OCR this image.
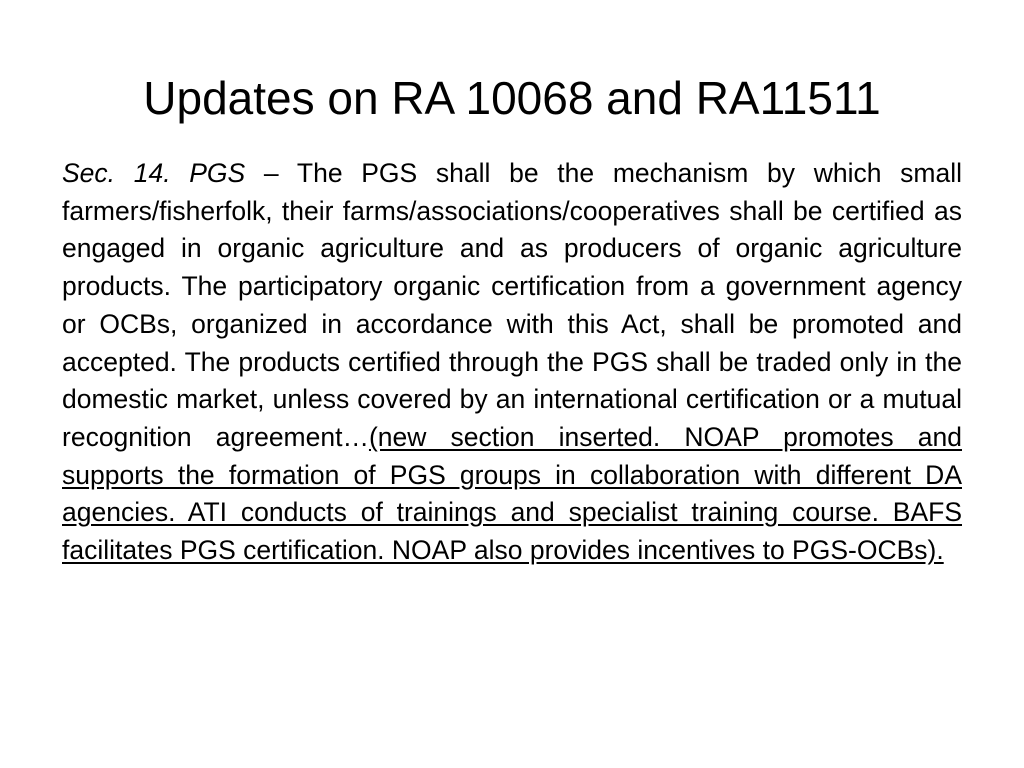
Updates on RA 10068 and RA11511

Sec. 14. PGS – The PGS shall be the mechanism by which small farmers/fisherfolk, their farms/associations/cooperatives shall be certified as engaged in organic agriculture and as producers of organic agriculture products. The participatory organic certification from a government agency or OCBs, organized in accordance with this Act, shall be promoted and accepted. The products certified through the PGS shall be traded only in the domestic market, unless covered by an international certification or a mutual recognition agreement…(new section inserted. NOAP promotes and supports the formation of PGS groups in collaboration with different DA agencies. ATI conducts of trainings and specialist training course. BAFS facilitates PGS certification. NOAP also provides incentives to PGS-OCBs).
